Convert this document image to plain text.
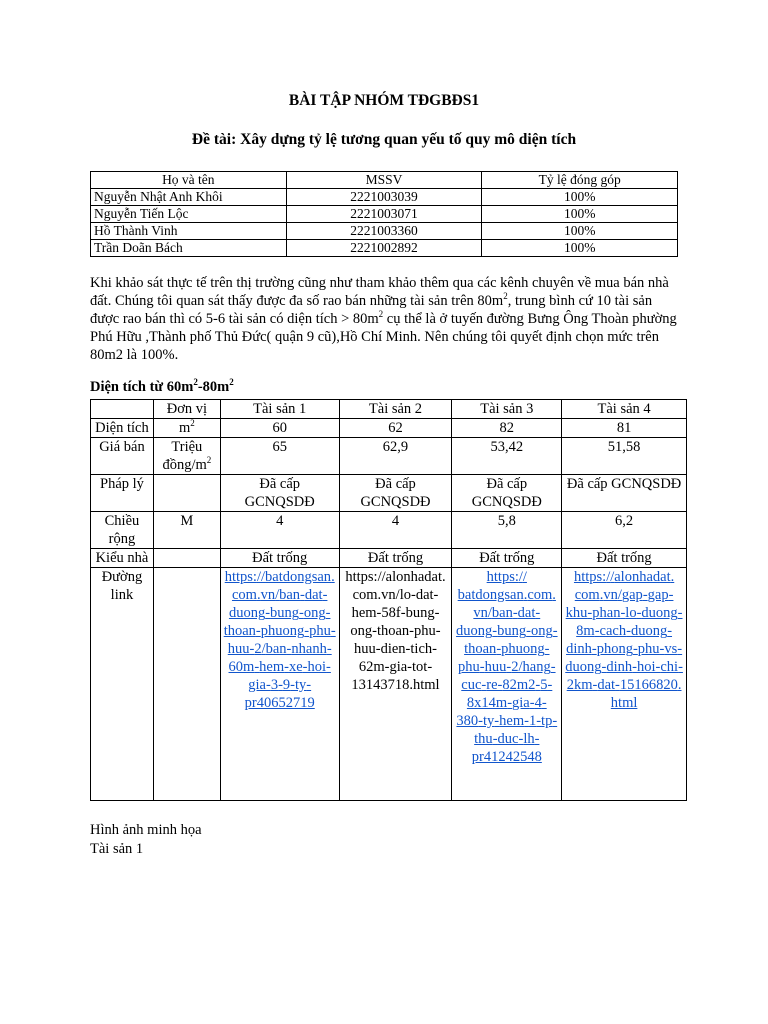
BÀI TẬP NHÓM TĐGBĐS1
Đề tài: Xây dựng tỷ lệ tương quan yếu tố quy mô diện tích
Họ và tên	MSSV	Tỷ lệ đóng góp
Nguyễn Nhật Anh Khôi	2221003039	100%
Nguyễn Tiến Lộc	2221003071	100%
Hồ Thành Vinh	2221003360	100%
Trần Doãn Bách	2221002892	100%
Khi khảo sát thực tế trên thị trường cũng như tham khảo thêm qua các kênh chuyên về mua bán nhà đất. Chúng tôi quan sát thấy được đa số rao bán những tài sản trên $80m^2$, trung bình cứ 10 tài sản được rao bán thì có 5-6 tài sản có diện tích > $80m^2$ cụ thể là ở tuyến đường Bưng Ông Thoàn phường Phú Hữu ,Thành phố Thủ Đức( quận 9 cũ),Hồ Chí Minh. Nên chúng tôi quyết định chọn mức trên 80m2 là 100%.
Diện tích từ $60m^2-80m^2$
	Đơn vị	Tài sản 1	Tài sản 2	Tài sản 3	Tài sản 4
Diện tích	$m^2$	60	62	82	81
Giá bán	Triệu đồng/$m^2$	65	62,9	53,42	51,58
Pháp lý		Đã cấp GCNQSDĐ	Đã cấp GCNQSDĐ	Đã cấp GCNQSDĐ	Đã cấp GCNQSDĐ
Chiều rộng	M	4	4	5,8	6,2
Kiểu nhà		Đất trống	Đất trống	Đất trống	Đất trống
Đường link		https://batdongsan.com.vn/ban-dat-duong-bung-ong-thoan-phuong-phu-huu-2/ban-nhanh-60m-hem-xe-hoi-gia-3-9-ty-pr40652719	https://alonhadat.com.vn/lo-dat-hem-58f-bung-ong-thoan-phu-huu-dien-tich-62m-gia-tot-13143718.html	https://batdongsan.com.vn/ban-dat-duong-bung-ong-thoan-phuong-phu-huu-2/hang-cuc-re-82m2-5-8x14m-gia-4-380-ty-hem-1-tp-thu-duc-lh-pr41242548	https://alonhadat.com.vn/gap-gap-khu-phan-lo-duong-8m-cach-duong-dinh-phong-phu-vs-duong-dinh-hoi-chi-2km-dat-15166820.html
Hình ảnh minh họa
Tài sản 1
